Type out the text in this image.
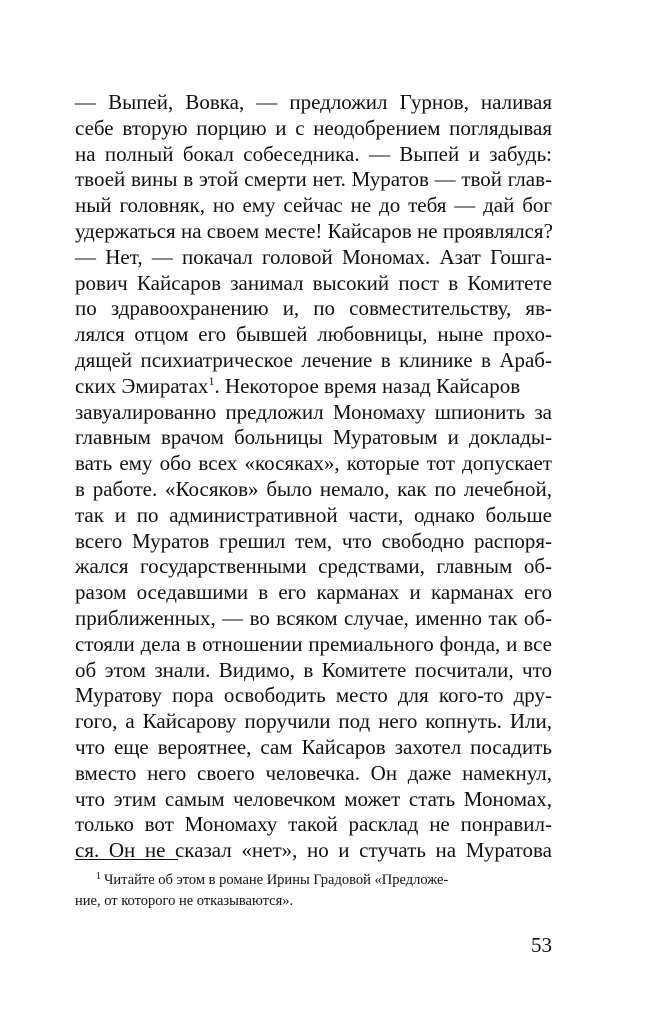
— Выпей, Вовка, — предложил Гурнов, наливая
себе вторую порцию и с неодобрением поглядывая
на полный бокал собеседника. — Выпей и забудь:
твоей вины в этой смерти нет. Муратов — твой глав-
ный головняк, но ему сейчас не до тебя — дай бог
удержаться на своем месте! Кайсаров не проявлялся?
— Нет, — покачал головой Мономах. Азат Гошга-
рович Кайсаров занимал высокий пост в Комитете
по здравоохранению и, по совместительству, яв-
лялся отцом его бывшей любовницы, ныне прохо-
дящей психиатрическое лечение в клинике в Араб-
ских Эмиратах$^1$. Некоторое время назад Кайсаров
завуалированно предложил Мономаху шпионить за
главным врачом больницы Муратовым и доклады-
вать ему обо всех «косяках», которые тот допускает
в работе. «Косяков» было немало, как по лечебной,
так и по административной части, однако больше
всего Муратов грешил тем, что свободно распоря-
жался государственными средствами, главным об-
разом оседавшими в его карманах и карманах его
приближенных, — во всяком случае, именно так об-
стояли дела в отношении премиального фонда, и все
об этом знали. Видимо, в Комитете посчитали, что
Муратову пора освободить место для кого-то дру-
гого, а Кайсарову поручили под него копнуть. Или,
что еще вероятнее, сам Кайсаров захотел посадить
вместо него своего человечка. Он даже намекнул,
что этим самым человечком может стать Мономах,
только вот Мономаху такой расклад не понравил-
ся. Он не сказал «нет», но и стучать на Муратова
$^1$ Читайте об этом в романе Ирины Градовой «Предложе-
ние, от которого не отказываются».
53
